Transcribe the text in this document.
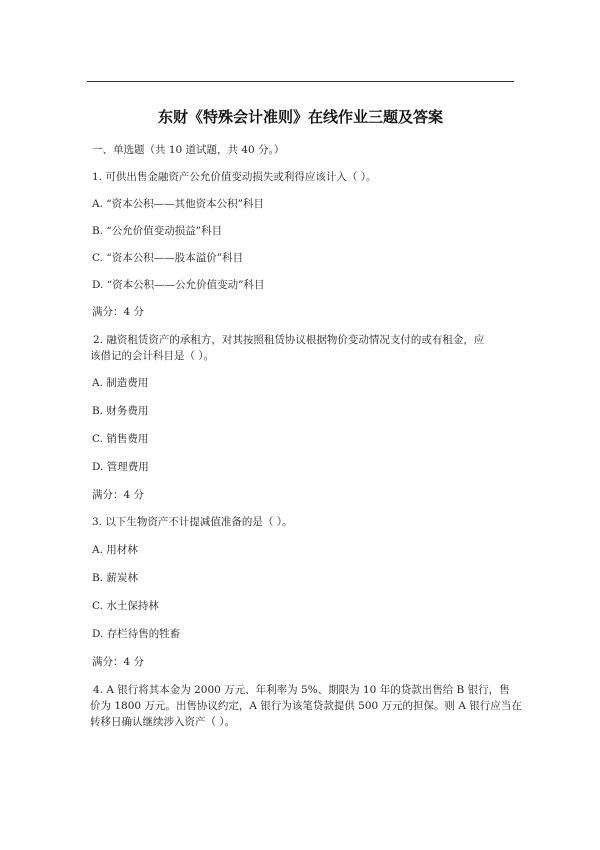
东财《特殊会计准则》在线作业三题及答案
一、单选题（共 10 道试题，共 40 分。）
1. 可供出售金融资产公允价值变动损失或利得应该计入（ ）。
A. “资本公积——其他资本公积”科目
B. “公允价值变动损益”科目
C. “资本公积——股本溢价”科目
D. “资本公积——公允价值变动”科目
满分：4 分
2. 融资租赁资产的承租方，对其按照租赁协议根据物价变动情况支付的或有租金，应
该借记的会计科目是（ ）。
A. 制造费用
B. 财务费用
C. 销售费用
D. 管理费用
满分：4 分
3. 以下生物资产不计提减值准备的是（ ）。
A. 用材林
B. 薪炭林
C. 水土保持林
D. 存栏待售的牲畜
满分：4 分
4. A 银行将其本金为 2000 万元、年利率为 5%、期限为 10 年的贷款出售给 B 银行，售
价为 1800 万元。出售协议约定，A 银行为该笔贷款提供 500 万元的担保。则 A 银行应当在
转移日确认继续涉入资产（ ）。
